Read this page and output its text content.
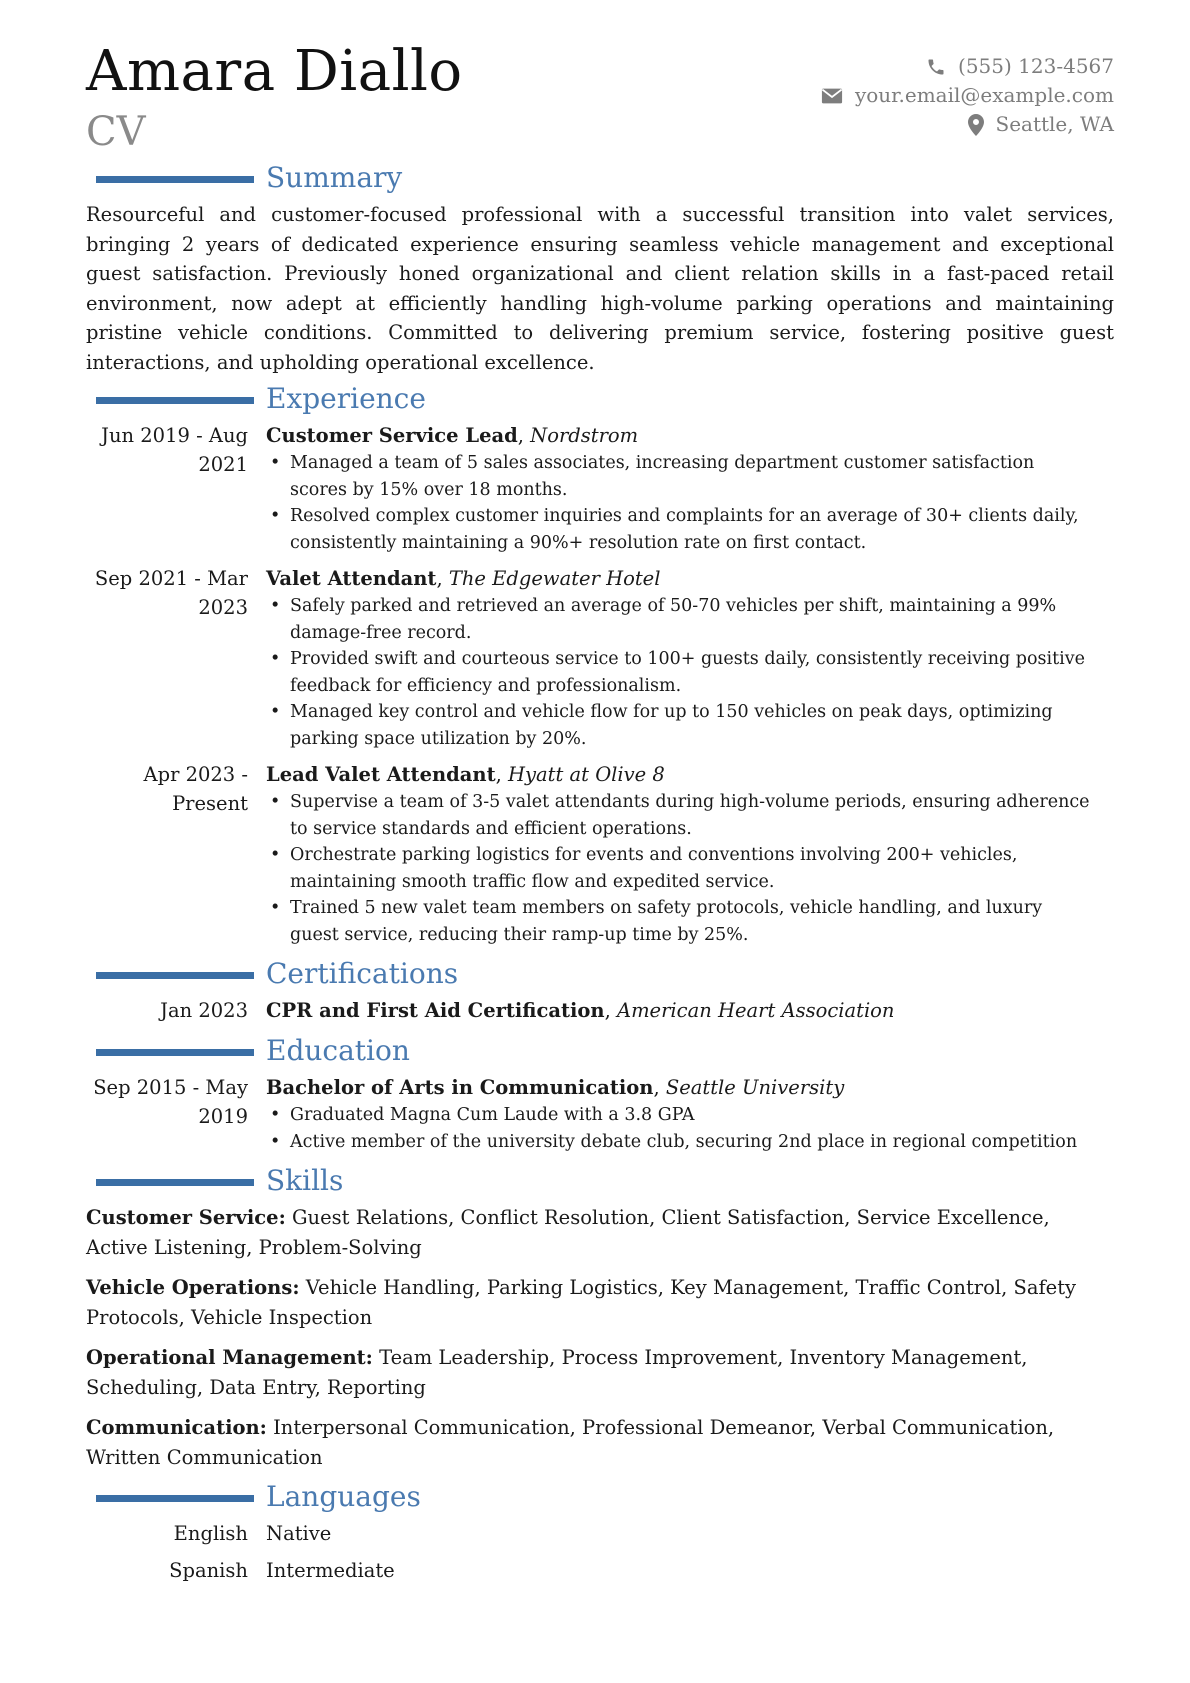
Amara Diallo
CV
(555) 123-4567
your.email@example.com
Seattle, WA
Summary

Resourceful and customer-focused professional with a successful transition into valet services, bringing 2 years of dedicated experience ensuring seamless vehicle management and exceptional guest satisfaction. Previously honed organizational and client relation skills in a fast-paced retail environment, now adept at efficiently handling high-volume parking operations and maintaining pristine vehicle conditions. Committed to delivering premium service, fostering positive guest interactions, and upholding operational excellence.

Experience
Jun 2019 - Aug 2021
Customer Service Lead, Nordstrom
• Managed a team of 5 sales associates, increasing department customer satisfaction scores by 15% over 18 months.
• Resolved complex customer inquiries and complaints for an average of 30+ clients daily, consistently maintaining a 90%+ resolution rate on first contact.
Sep 2021 - Mar 2023
Valet Attendant, The Edgewater Hotel
• Safely parked and retrieved an average of 50-70 vehicles per shift, maintaining a 99% damage-free record.
• Provided swift and courteous service to 100+ guests daily, consistently receiving positive feedback for efficiency and professionalism.
• Managed key control and vehicle flow for up to 150 vehicles on peak days, optimizing parking space utilization by 20%.
Apr 2023 - Present
Lead Valet Attendant, Hyatt at Olive 8
• Supervise a team of 3-5 valet attendants during high-volume periods, ensuring adherence to service standards and efficient operations.
• Orchestrate parking logistics for events and conventions involving 200+ vehicles, maintaining smooth traffic flow and expedited service.
• Trained 5 new valet team members on safety protocols, vehicle handling, and luxury guest service, reducing their ramp-up time by 25%.
Certifications
Jan 2023 CPR and First Aid Certification, American Heart Association
Education
Sep 2015 - May 2019
Bachelor of Arts in Communication, Seattle University
• Graduated Magna Cum Laude with a 3.8 GPA
• Active member of the university debate club, securing 2nd place in regional competition
Skills
Customer Service: Guest Relations, Conflict Resolution, Client Satisfaction, Service Excellence, Active Listening, Problem-Solving
Vehicle Operations: Vehicle Handling, Parking Logistics, Key Management, Traffic Control, Safety Protocols, Vehicle Inspection
Operational Management: Team Leadership, Process Improvement, Inventory Management, Scheduling, Data Entry, Reporting
Communication: Interpersonal Communication, Professional Demeanor, Verbal Communication, Written Communication
Languages
English Native
Spanish Intermediate
